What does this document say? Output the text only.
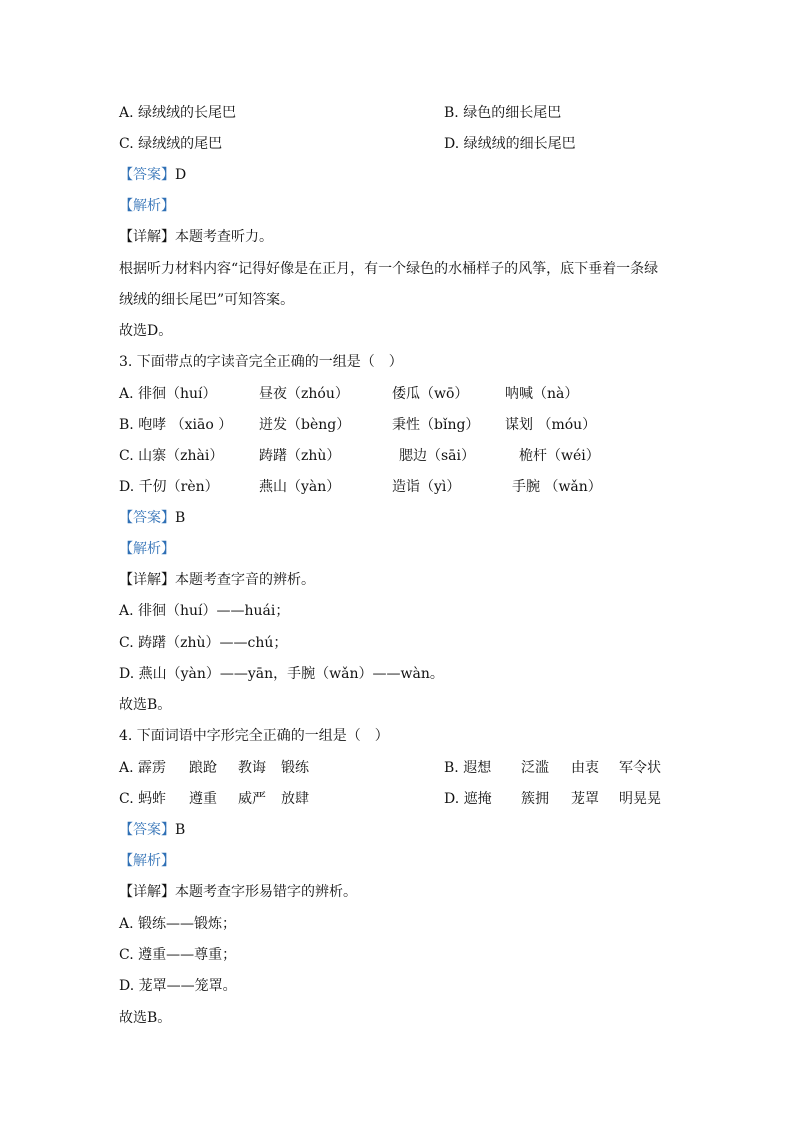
A. 绿绒绒的长尾巴	B. 绿色的细长尾巴
C. 绿绒绒的尾巴	D. 绿绒绒的细长尾巴
【答案】D
【解析】
【详解】本题考查听力。
根据听力材料内容“记得好像是在正月，有一个绿色的水桶样子的风筝，底下垂着一条绿
绒绒的细长尾巴”可知答案。
故选D。
3. 下面带点的字读音完全正确的一组是（　）
A. 徘徊（huí）	昼夜（zhóu）	倭瓜（wō）	呐喊（nà）
B. 咆哮 （xiāo ） 迸发（bèng）	秉性（bǐng） 谋划 （móu）
C. 山寨（zhài）	踌躇（zhù）	腮边（sāi）	桅杆（wéi）
D. 千仞（rèn）	燕山（yàn）	造诣（yì）	手腕 （wǎn）
【答案】B
【解析】
【详解】本题考查字音的辨析。
A. 徘徊（huí）——huái；
C. 踌躇（zhù）——chú；
D. 燕山（yàn）——yān，手腕（wǎn）——wàn。
故选B。
4. 下面词语中字形完全正确的一组是（　）
A. 霹雳 踉跄 教诲 锻练	B. 遐想 泛滥 由衷 军令状
C. 蚂蚱 遵重 威严 放肆	D. 遮掩 簇拥 茏罩 明晃晃
【答案】B
【解析】
【详解】本题考查字形易错字的辨析。
A. 锻练——锻炼；
C. 遵重——尊重；
D. 茏罩——笼罩。
故选B。
